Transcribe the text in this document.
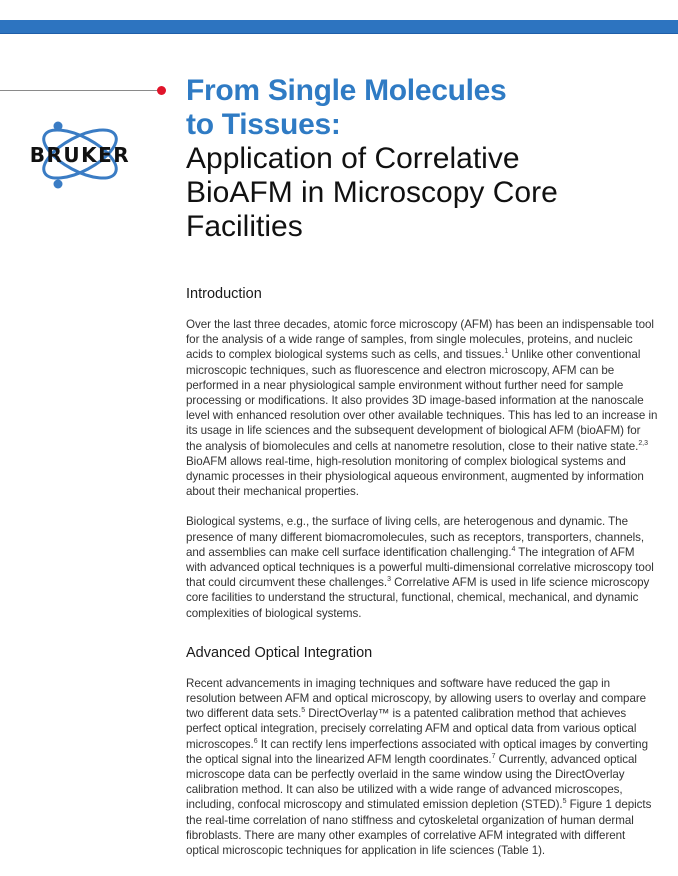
BRUKER
From Single Molecules
to Tissues:
Application of Correlative
BioAFM in Microscopy Core
Facilities
Introduction

Over the last three decades, atomic force microscopy (AFM) has been an indispensable tool for the analysis of a wide range of samples, from single molecules, proteins, and nucleic acids to complex biological systems such as cells, and tissues.$^1$ Unlike other conventional microscopic techniques, such as fluorescence and electron microscopy, AFM can be performed in a near physiological sample environment without further need for sample processing or modifications. It also provides 3D image-based information at the nanoscale level with enhanced resolution over other available techniques. This has led to an increase in its usage in life sciences and the subsequent development of biological AFM (bioAFM) for the analysis of biomolecules and cells at nanometre resolution, close to their native state.$^{2,3}$ BioAFM allows real-time, high-resolution monitoring of complex biological systems and dynamic processes in their physiological aqueous environment, augmented by information about their mechanical properties.

Biological systems, e.g., the surface of living cells, are heterogenous and dynamic. The presence of many different biomacromolecules, such as receptors, transporters, channels, and assemblies can make cell surface identification challenging.$^4$ The integration of AFM with advanced optical techniques is a powerful multi-dimensional correlative microscopy tool that could circumvent these challenges.$^3$ Correlative AFM is used in life science microscopy core facilities to understand the structural, functional, chemical, mechanical, and dynamic complexities of biological systems.

Advanced Optical Integration

Recent advancements in imaging techniques and software have reduced the gap in resolution between AFM and optical microscopy, by allowing users to overlay and compare two different data sets.$^5$ DirectOverlay™ is a patented calibration method that achieves perfect optical integration, precisely correlating AFM and optical data from various optical microscopes.$^6$ It can rectify lens imperfections associated with optical images by converting the optical signal into the linearized AFM length coordinates.$^7$ Currently, advanced optical microscope data can be perfectly overlaid in the same window using the DirectOverlay calibration method. It can also be utilized with a wide range of advanced microscopes, including, confocal microscopy and stimulated emission depletion (STED).$^5$ Figure 1 depicts the real-time correlation of nano stiffness and cytoskeletal organization of human dermal fibroblasts. There are many other examples of correlative AFM integrated with different optical microscopic techniques for application in life sciences (Table 1).
